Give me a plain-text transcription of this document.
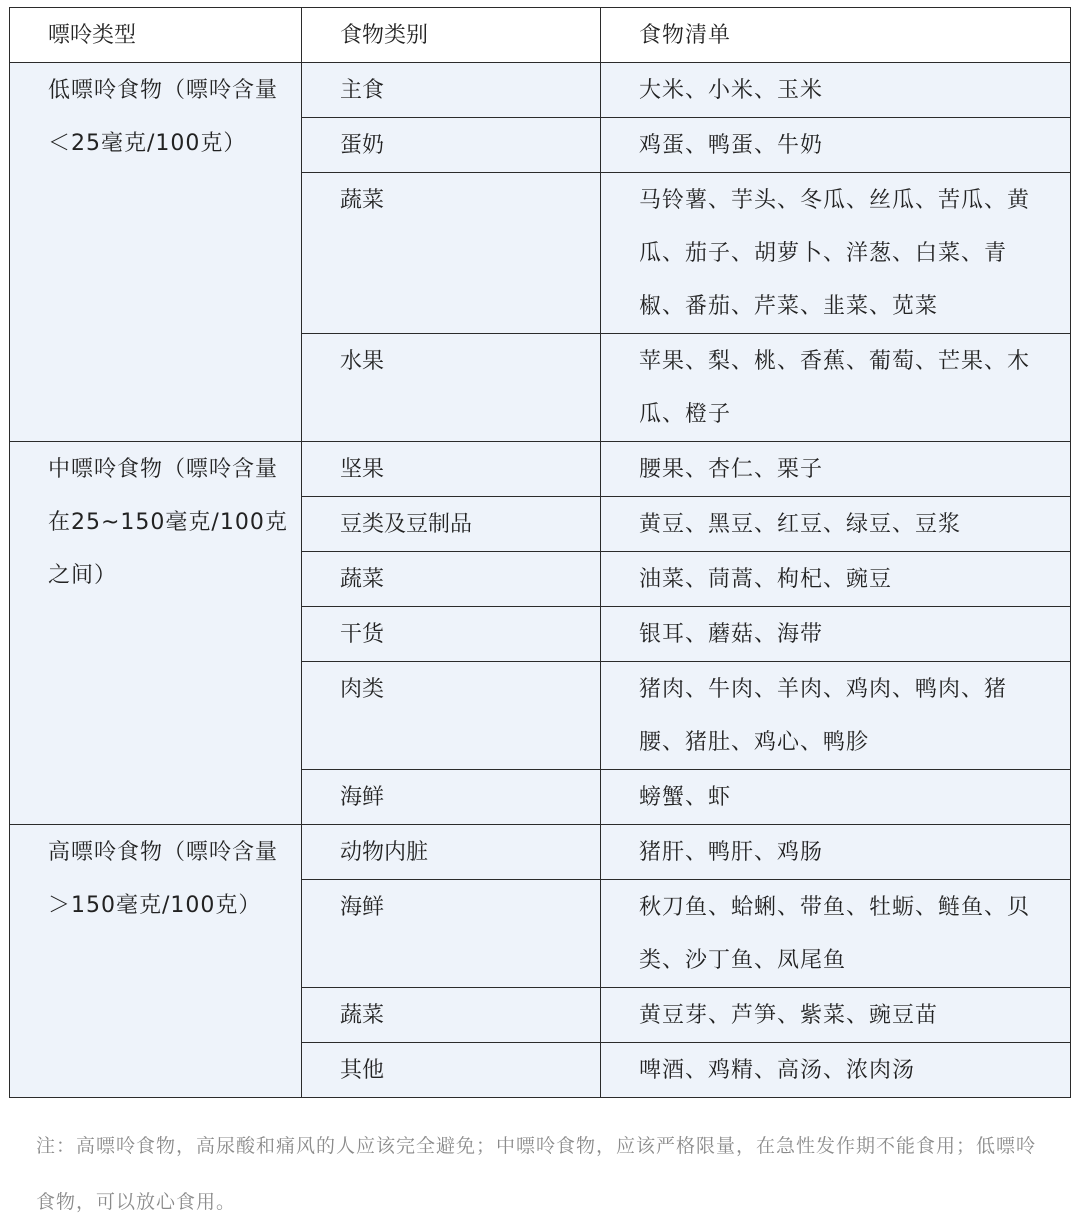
嘌呤类型	食物类别	食物清单
低嘌呤食物（嘌呤含量＜25毫克/100克）	主食	大米、小米、玉米
	蛋奶	鸡蛋、鸭蛋、牛奶
	蔬菜	马铃薯、芋头、冬瓜、丝瓜、苦瓜、黄瓜、茄子、胡萝卜、洋葱、白菜、青椒、番茄、芹菜、韭菜、苋菜
	水果	苹果、梨、桃、香蕉、葡萄、芒果、木瓜、橙子
中嘌呤食物（嘌呤含量在25~150毫克/100克之间）	坚果	腰果、杏仁、栗子
	豆类及豆制品	黄豆、黑豆、红豆、绿豆、豆浆
	蔬菜	油菜、茼蒿、枸杞、豌豆
	干货	银耳、蘑菇、海带
	肉类	猪肉、牛肉、羊肉、鸡肉、鸭肉、猪腰、猪肚、鸡心、鸭胗
	海鲜	螃蟹、虾
高嘌呤食物（嘌呤含量＞150毫克/100克）	动物内脏	猪肝、鸭肝、鸡肠
	海鲜	秋刀鱼、蛤蜊、带鱼、牡蛎、鲢鱼、贝类、沙丁鱼、凤尾鱼
	蔬菜	黄豆芽、芦笋、紫菜、豌豆苗
	其他	啤酒、鸡精、高汤、浓肉汤
注：高嘌呤食物，高尿酸和痛风的人应该完全避免；中嘌呤食物，应该严格限量，在急性发作期不能食用；低嘌呤食物，可以放心食用。
